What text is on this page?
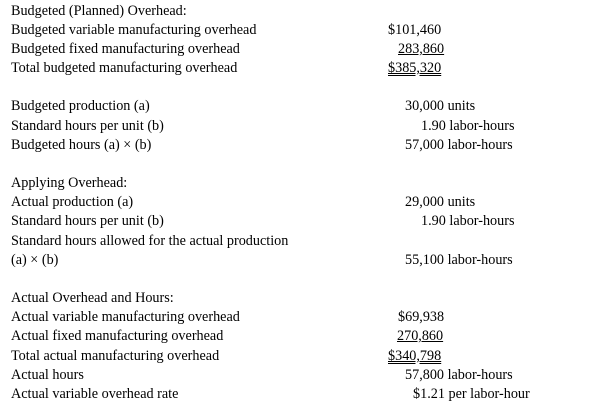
Budgeted (Planned) Overhead:
Budgeted variable manufacturing overhead	$101,460
Budgeted fixed manufacturing overhead	283,860
Total budgeted manufacturing overhead	$385,320
Budgeted production (a)	30,000 units
Standard hours per unit (b)	1.90 labor-hours
Budgeted hours (a) × (b)	57,000 labor-hours
Applying Overhead:
Actual production (a)	29,000 units
Standard hours per unit (b)	1.90 labor-hours
Standard hours allowed for the actual production
(a) × (b)	55,100 labor-hours
Actual Overhead and Hours:
Actual variable manufacturing overhead	$69,938
Actual fixed manufacturing overhead	270,860
Total actual manufacturing overhead	$340,798
Actual hours	57,800 labor-hours
Actual variable overhead rate	$1.21 per labor-hour
